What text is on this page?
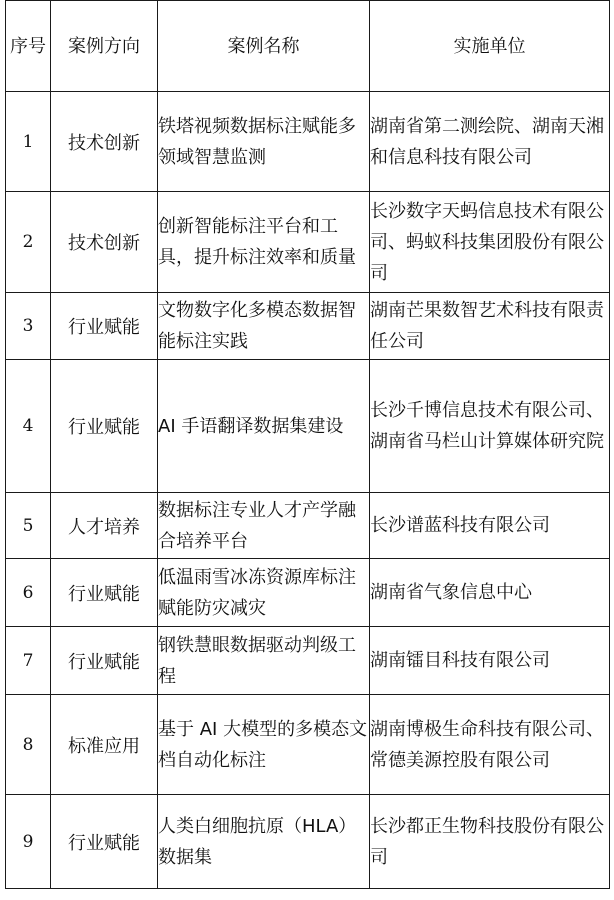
序号	案例方向	案例名称	实施单位
1	技术创新	铁塔视频数据标注赋能多领域智慧监测	湖南省第二测绘院、湖南天湘和信息科技有限公司
2	技术创新	创新智能标注平台和工具，提升标注效率和质量	长沙数字天蚂信息技术有限公司、蚂蚁科技集团股份有限公司
3	行业赋能	文物数字化多模态数据智能标注实践	湖南芒果数智艺术科技有限责任公司
4	行业赋能	AI 手语翻译数据集建设	长沙千博信息技术有限公司、
湖南省马栏山计算媒体研究院
5	人才培养	数据标注专业人才产学融合培养平台	长沙谱蓝科技有限公司
6	行业赋能	低温雨雪冰冻资源库标注赋能防灾减灾	湖南省气象信息中心
7	行业赋能	钢铁慧眼数据驱动判级工程	湖南镭目科技有限公司
8	标准应用	基于 AI 大模型的多模态文档自动化标注	湖南博极生命科技有限公司、常德美源控股有限公司
9	行业赋能	人类白细胞抗原（HLA）数据集	长沙都正生物科技股份有限公司
